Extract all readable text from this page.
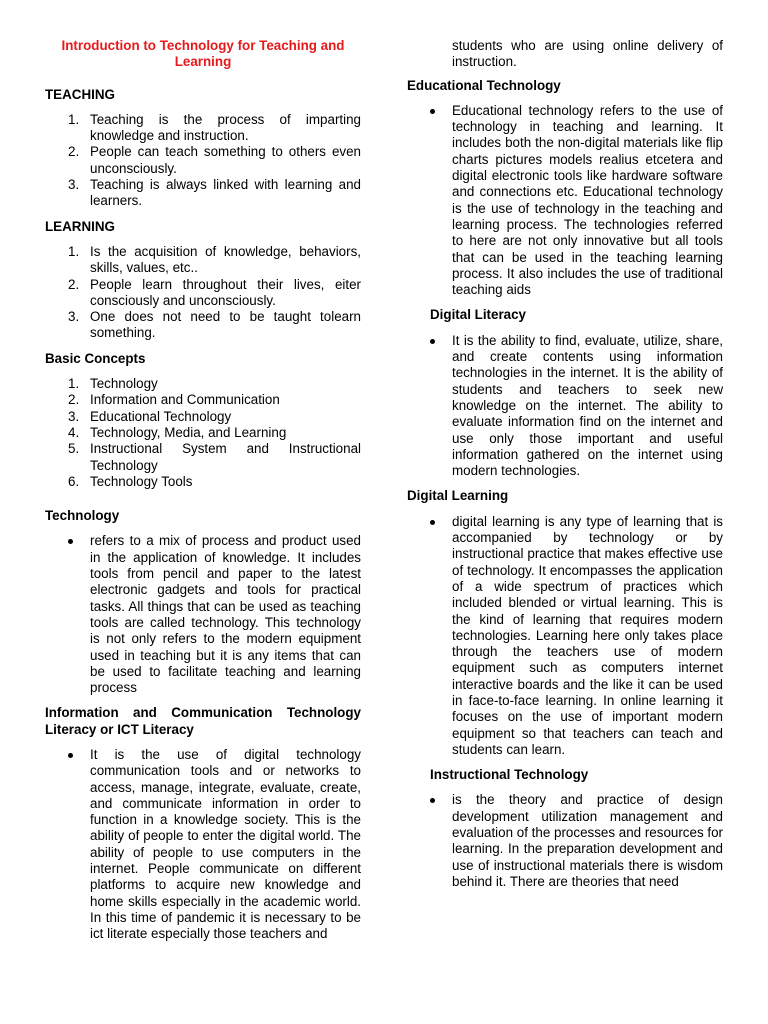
Introduction to Technology for Teaching and Learning
TEACHING
1. Teaching is the process of imparting knowledge and instruction.
2. People can teach something to others even unconsciously.
3. Teaching is always linked with learning and learners.
LEARNING
1. Is the acquisition of knowledge, behaviors, skills, values, etc..
2. People learn throughout their lives, eiter consciously and unconsciously.
3. One does not need to be taught tolearn something.
Basic Concepts
1. Technology
2. Information and Communication
3. Educational Technology
4. Technology, Media, and Learning
5. Instructional System and Instructional Technology
6. Technology Tools
Technology
refers to a mix of process and product used in the application of knowledge. It includes tools from pencil and paper to the latest electronic gadgets and tools for practical tasks. All things that can be used as teaching tools are called technology. This technology is not only refers to the modern equipment used in teaching but it is any items that can be used to facilitate teaching and learning process
Information and Communication Technology Literacy or ICT Literacy
It is the use of digital technology communication tools and or networks to access, manage, integrate, evaluate, create, and communicate information in order to function in a knowledge society. This is the ability of people to enter the digital world. The ability of people to use computers in the internet. People communicate on different platforms to acquire new knowledge and home skills especially in the academic world. In this time of pandemic it is necessary to be ict literate especially those teachers and
students who are using online delivery of instruction.
Educational Technology
Educational technology refers to the use of technology in teaching and learning. It includes both the non-digital materials like flip charts pictures models realius etcetera and digital electronic tools like hardware software and connections etc. Educational technology is the use of technology in the teaching and learning process. The technologies referred to here are not only innovative but all tools that can be used in the teaching learning process. It also includes the use of traditional teaching aids
Digital Literacy
It is the ability to find, evaluate, utilize, share, and create contents using information technologies in the internet. It is the ability of students and teachers to seek new knowledge on the internet. The ability to evaluate information find on the internet and use only those important and useful information gathered on the internet using modern technologies.
Digital Learning
digital learning is any type of learning that is accompanied by technology or by instructional practice that makes effective use of technology. It encompasses the application of a wide spectrum of practices which included blended or virtual learning. This is the kind of learning that requires modern technologies. Learning here only takes place through the teachers use of modern equipment such as computers internet interactive boards and the like it can be used in face-to-face learning. In online learning it focuses on the use of important modern equipment so that teachers can teach and students can learn.
Instructional Technology
is the theory and practice of design development utilization management and evaluation of the processes and resources for learning. In the preparation development and use of instructional materials there is wisdom behind it. There are theories that need
